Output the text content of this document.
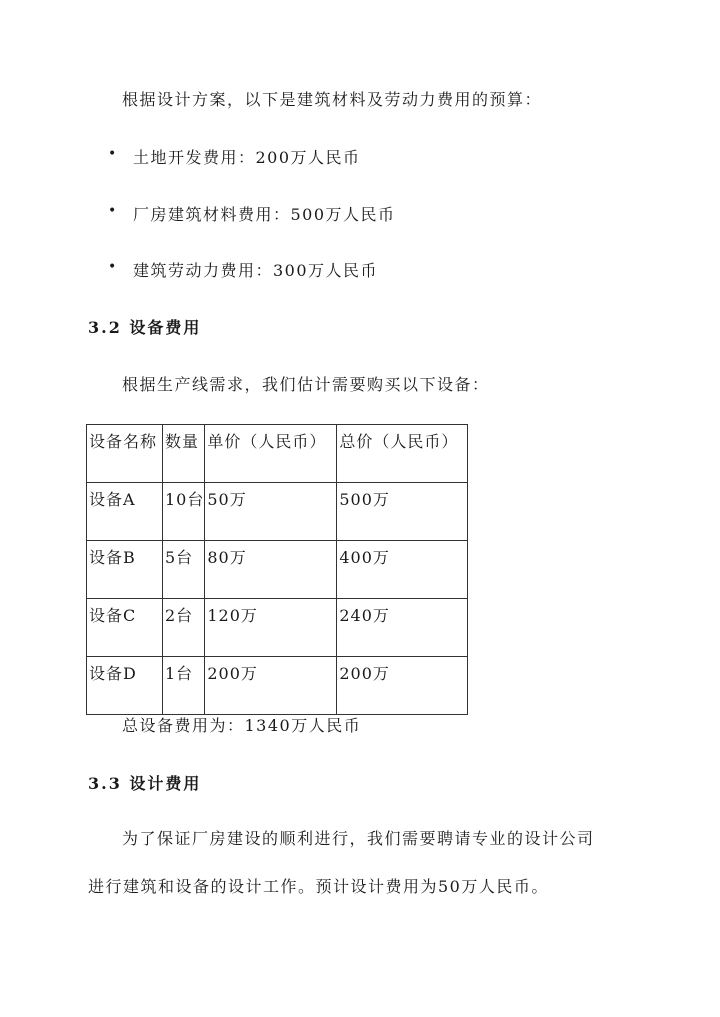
根据设计方案，以下是建筑材料及劳动力费用的预算：
• 土地开发费用：200万人民币
• 厂房建筑材料费用：500万人民币
• 建筑劳动力费用：300万人民币
3.2 设备费用
根据生产线需求，我们估计需要购买以下设备：
设备名称	数量	单价（人民币）	总价（人民币）
设备A	10台	50万	500万
设备B	5台	80万	400万
设备C	2台	120万	240万
设备D	1台	200万	200万
总设备费用为：1340万人民币
3.3 设计费用
为了保证厂房建设的顺利进行，我们需要聘请专业的设计公司
进行建筑和设备的设计工作。预计设计费用为50万人民币。
